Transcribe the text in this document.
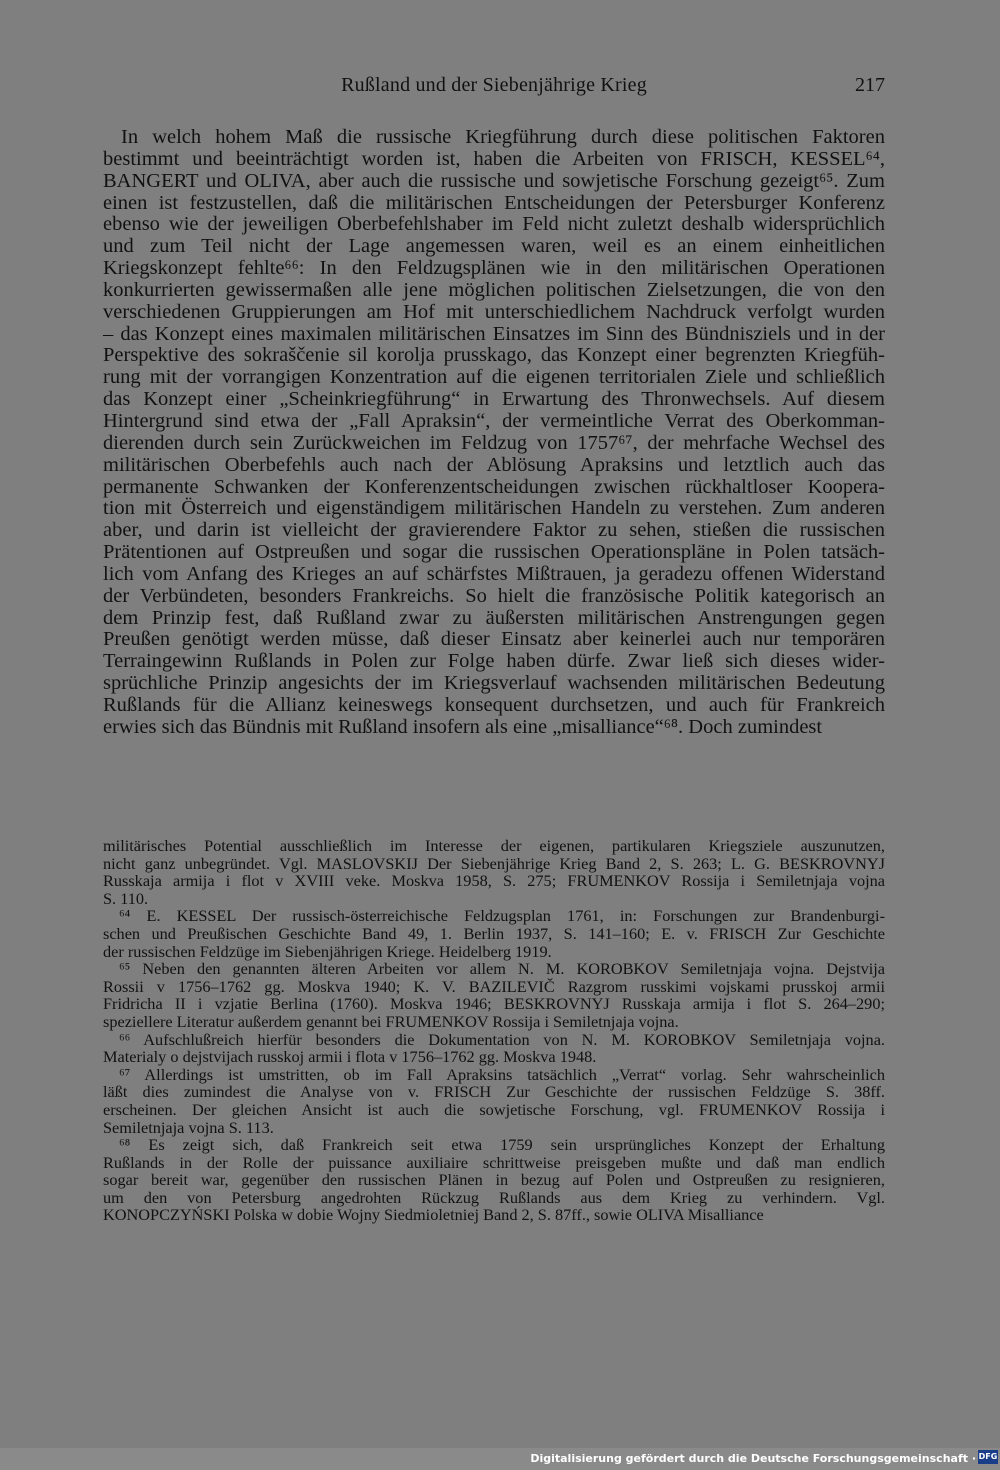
Rußland und der Siebenjährige Krieg	217
In welch hohem Maß die russische Kriegführung durch diese politischen Faktoren
bestimmt und beeinträchtigt worden ist, haben die Arbeiten von FRISCH, KESSEL⁶⁴,
BANGERT und OLIVA, aber auch die russische und sowjetische Forschung gezeigt⁶⁵. Zum
einen ist festzustellen, daß die militärischen Entscheidungen der Petersburger Konferenz
ebenso wie der jeweiligen Oberbefehlshaber im Feld nicht zuletzt deshalb widersprüchlich
und zum Teil nicht der Lage angemessen waren, weil es an einem einheitlichen
Kriegskonzept fehlte⁶⁶: In den Feldzugsplänen wie in den militärischen Operationen
konkurrierten gewissermaßen alle jene möglichen politischen Zielsetzungen, die von den
verschiedenen Gruppierungen am Hof mit unterschiedlichem Nachdruck verfolgt wurden
– das Konzept eines maximalen militärischen Einsatzes im Sinn des Bündnisziels und in der
Perspektive des sokraščenie sil korolja prusskago, das Konzept einer begrenzten Kriegfüh-
rung mit der vorrangigen Konzentration auf die eigenen territorialen Ziele und schließlich
das Konzept einer „Scheinkriegführung“ in Erwartung des Thronwechsels. Auf diesem
Hintergrund sind etwa der „Fall Apraksin“, der vermeintliche Verrat des Oberkomman-
dierenden durch sein Zurückweichen im Feldzug von 1757⁶⁷, der mehrfache Wechsel des
militärischen Oberbefehls auch nach der Ablösung Apraksins und letztlich auch das
permanente Schwanken der Konferenzentscheidungen zwischen rückhaltloser Koopera-
tion mit Österreich und eigenständigem militärischen Handeln zu verstehen. Zum anderen
aber, und darin ist vielleicht der gravierendere Faktor zu sehen, stießen die russischen
Prätentionen auf Ostpreußen und sogar die russischen Operationspläne in Polen tatsäch-
lich vom Anfang des Krieges an auf schärfstes Mißtrauen, ja geradezu offenen Widerstand
der Verbündeten, besonders Frankreichs. So hielt die französische Politik kategorisch an
dem Prinzip fest, daß Rußland zwar zu äußersten militärischen Anstrengungen gegen
Preußen genötigt werden müsse, daß dieser Einsatz aber keinerlei auch nur temporären
Terraingewinn Rußlands in Polen zur Folge haben dürfe. Zwar ließ sich dieses wider-
sprüchliche Prinzip angesichts der im Kriegsverlauf wachsenden militärischen Bedeutung
Rußlands für die Allianz keineswegs konsequent durchsetzen, und auch für Frankreich
erwies sich das Bündnis mit Rußland insofern als eine „misalliance“⁶⁸. Doch zumindest
militärisches Potential ausschließlich im Interesse der eigenen, partikularen Kriegsziele auszunutzen,
nicht ganz unbegründet. Vgl. MASLOVSKIJ Der Siebenjährige Krieg Band 2, S. 263; L. G. BESKROVNYJ
Russkaja armija i flot v XVIII veke. Moskva 1958, S. 275; FRUMENKOV Rossija i Semiletnjaja vojna
S. 110.
⁶⁴ E. KESSEL Der russisch-österreichische Feldzugsplan 1761, in: Forschungen zur Brandenburgi-
schen und Preußischen Geschichte Band 49, 1. Berlin 1937, S. 141–160; E. v. FRISCH Zur Geschichte
der russischen Feldzüge im Siebenjährigen Kriege. Heidelberg 1919.
⁶⁵ Neben den genannten älteren Arbeiten vor allem N. M. KOROBKOV Semiletnjaja vojna. Dejstvija
Rossii v 1756–1762 gg. Moskva 1940; K. V. BAZILEVIČ Razgrom russkimi vojskami prusskoj armii
Fridricha II i vzjatie Berlina (1760). Moskva 1946; BESKROVNYJ Russkaja armija i flot S. 264–290;
speziellere Literatur außerdem genannt bei FRUMENKOV Rossija i Semiletnjaja vojna.
⁶⁶ Aufschlußreich hierfür besonders die Dokumentation von N. M. KOROBKOV Semiletnjaja vojna.
Materialy o dejstvijach russkoj armii i flota v 1756–1762 gg. Moskva 1948.
⁶⁷ Allerdings ist umstritten, ob im Fall Apraksins tatsächlich „Verrat“ vorlag. Sehr wahrscheinlich
läßt dies zumindest die Analyse von v. FRISCH Zur Geschichte der russischen Feldzüge S. 38ff.
erscheinen. Der gleichen Ansicht ist auch die sowjetische Forschung, vgl. FRUMENKOV Rossija i
Semiletnjaja vojna S. 113.
⁶⁸ Es zeigt sich, daß Frankreich seit etwa 1759 sein ursprüngliches Konzept der Erhaltung
Rußlands in der Rolle der puissance auxiliaire schrittweise preisgeben mußte und daß man endlich
sogar bereit war, gegenüber den russischen Plänen in bezug auf Polen und Ostpreußen zu resignieren,
um den von Petersburg angedrohten Rückzug Rußlands aus dem Krieg zu verhindern. Vgl.
KONOPCZYŃSKI Polska w dobie Wojny Siedmioletniej Band 2, S. 87ff., sowie OLIVA Misalliance
Digitalisierung gefördert durch die Deutsche Forschungsgemeinschaft · DFG
